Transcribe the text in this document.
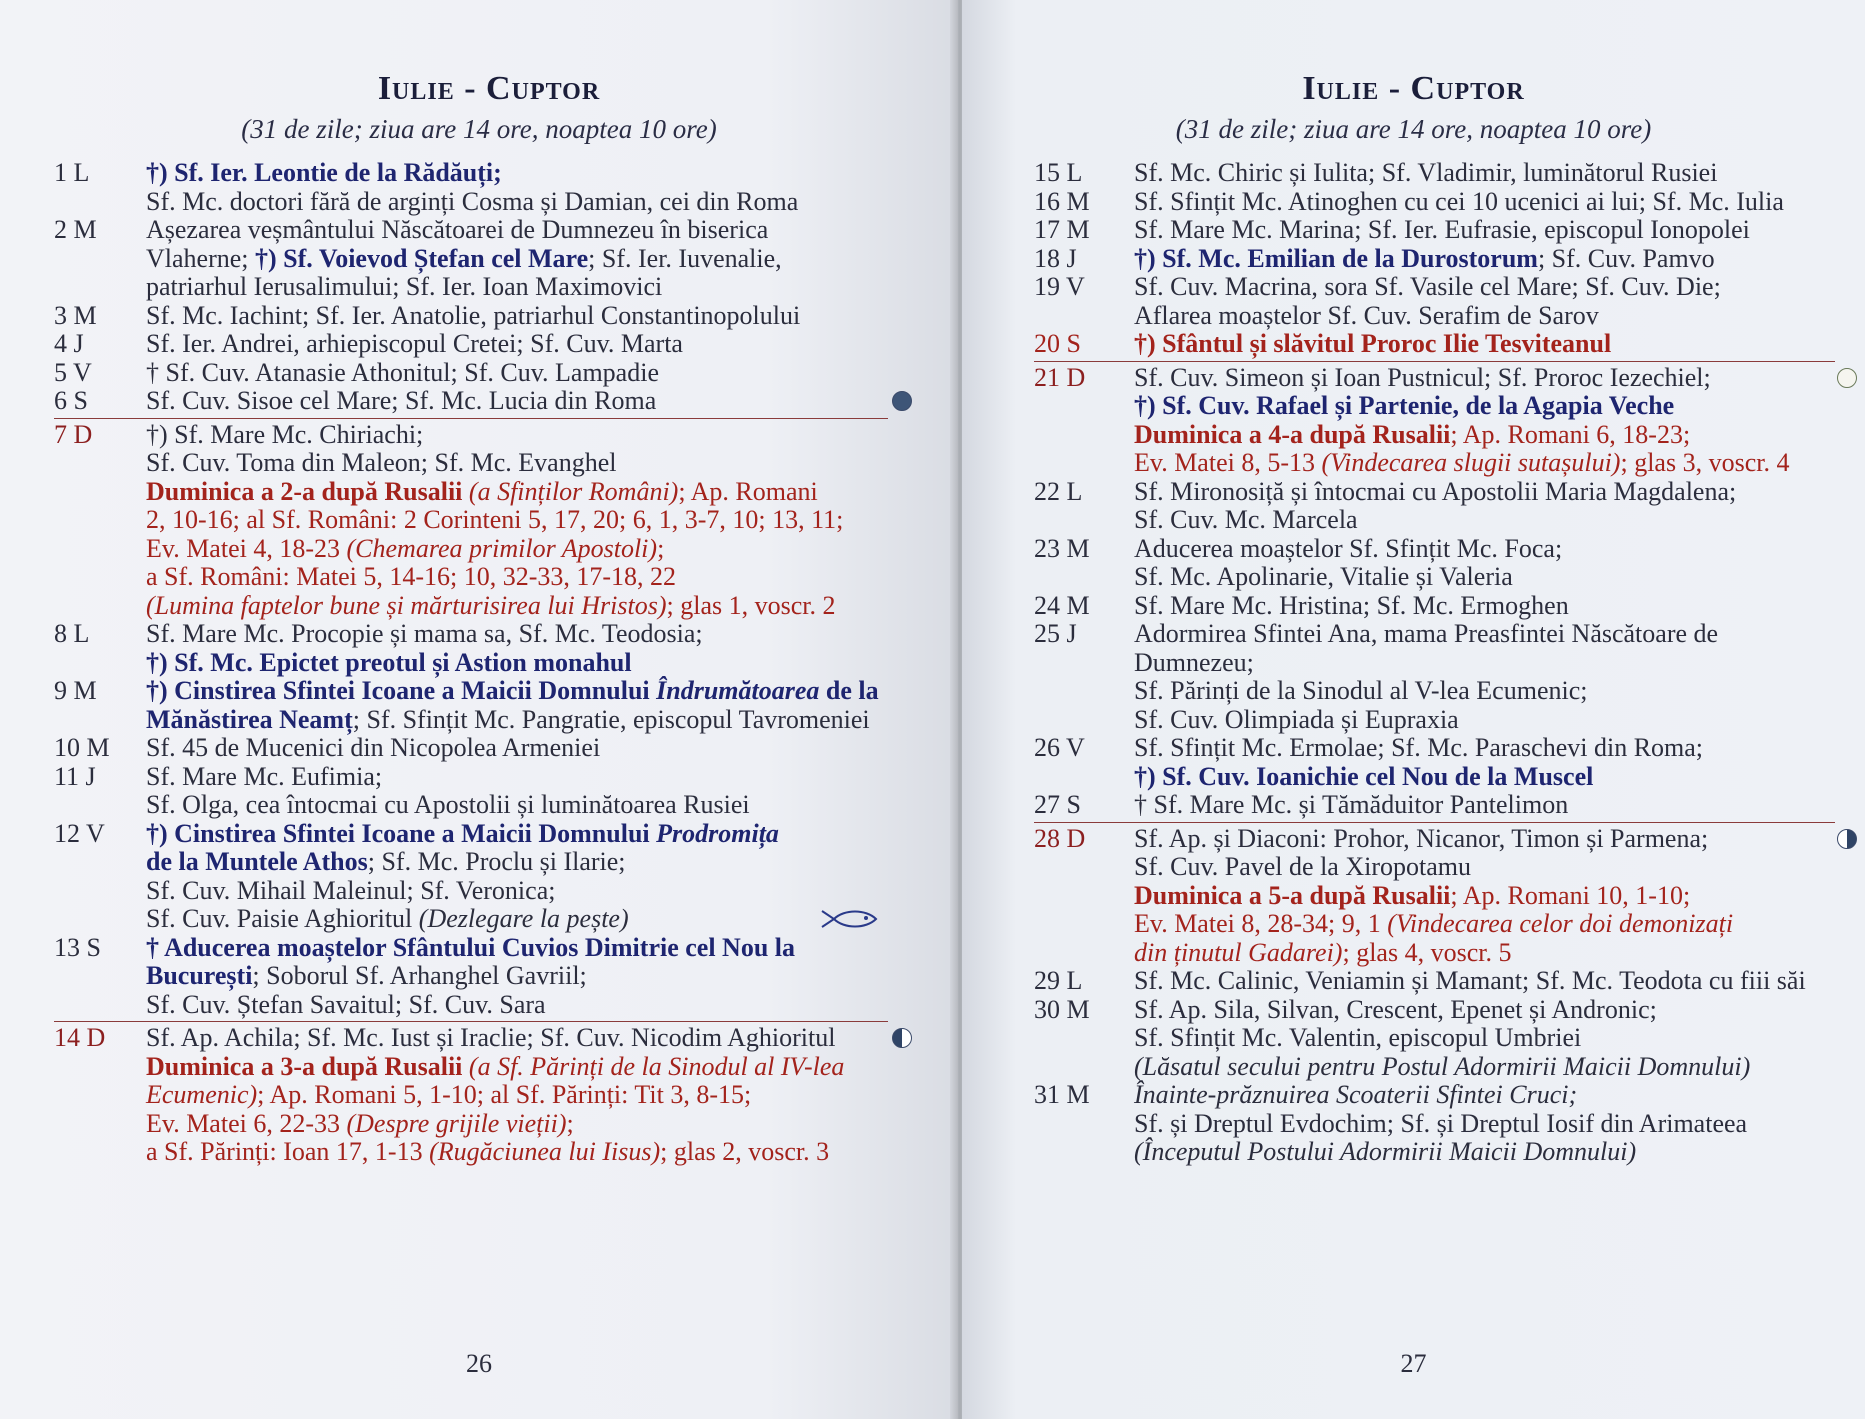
Iulie - Cuptor
(31 de zile; ziua are 14 ore, noaptea 10 ore)
1 L	†) Sf. Ier. Leontie de la Rădăuți;

Sf. Mc. doctori fără de arginți Cosma și Damian, cei din Roma

2 M	Așezarea veșmântului Născătoarei de Dumnezeu în biserica

Vlaherne; †) Sf. Voievod Ștefan cel Mare; Sf. Ier. Iuvenalie,

patriarhul Ierusalimului; Sf. Ier. Ioan Maximovici

3 M	Sf. Mc. Iachint; Sf. Ier. Anatolie, patriarhul Constantinopolului

4 J	Sf. Ier. Andrei, arhiepiscopul Cretei; Sf. Cuv. Marta

5 V	† Sf. Cuv. Atanasie Athonitul; Sf. Cuv. Lampadie

6 S	Sf. Cuv. Sisoe cel Mare; Sf. Mc. Lucia din Roma

7 D	†) Sf. Mare Mc. Chiriachi;

Sf. Cuv. Toma din Maleon; Sf. Mc. Evanghel

Duminica a 2-a după Rusalii (a Sfinților Români); Ap. Romani

2, 10-16; al Sf. Români: 2 Corinteni 5, 17, 20; 6, 1, 3-7, 10; 13, 11;

Ev. Matei 4, 18-23 (Chemarea primilor Apostoli);

a Sf. Români: Matei 5, 14-16; 10, 32-33, 17-18, 22

(Lumina faptelor bune și mărturisirea lui Hristos); glas 1, voscr. 2

8 L	Sf. Mare Mc. Procopie și mama sa, Sf. Mc. Teodosia;

†) Sf. Mc. Epictet preotul și Astion monahul

9 M	†) Cinstirea Sfintei Icoane a Maicii Domnului Îndrumătoarea de la

Mănăstirea Neamț; Sf. Sfințit Mc. Pangratie, episcopul Tavromeniei

10 M	Sf. 45 de Mucenici din Nicopolea Armeniei

11 J	Sf. Mare Mc. Eufimia;

Sf. Olga, cea întocmai cu Apostolii și luminătoarea Rusiei

12 V	†) Cinstirea Sfintei Icoane a Maicii Domnului Prodromița

de la Muntele Athos; Sf. Mc. Proclu și Ilarie;

Sf. Cuv. Mihail Maleinul; Sf. Veronica;

Sf. Cuv. Paisie Aghioritul (Dezlegare la pește)

13 S	† Aducerea moaștelor Sfântului Cuvios Dimitrie cel Nou la

București; Soborul Sf. Arhanghel Gavriil;

Sf. Cuv. Ștefan Savaitul; Sf. Cuv. Sara

14 D	Sf. Ap. Achila; Sf. Mc. Iust și Iraclie; Sf. Cuv. Nicodim Aghioritul

Duminica a 3-a după Rusalii (a Sf. Părinți de la Sinodul al IV-lea

Ecumenic); Ap. Romani 5, 1-10; al Sf. Părinți: Tit 3, 8-15;

Ev. Matei 6, 22-33 (Despre grijile vieții);

a Sf. Părinți: Ioan 17, 1-13 (Rugăciunea lui Iisus); glas 2, voscr. 3

26
Iulie - Cuptor
(31 de zile; ziua are 14 ore, noaptea 10 ore)
15 L	Sf. Mc. Chiric și Iulita; Sf. Vladimir, luminătorul Rusiei

16 M	Sf. Sfințit Mc. Atinoghen cu cei 10 ucenici ai lui; Sf. Mc. Iulia

17 M	Sf. Mare Mc. Marina; Sf. Ier. Eufrasie, episcopul Ionopolei

18 J	†) Sf. Mc. Emilian de la Durostorum; Sf. Cuv. Pamvo

19 V	Sf. Cuv. Macrina, sora Sf. Vasile cel Mare; Sf. Cuv. Die;

Aflarea moaștelor Sf. Cuv. Serafim de Sarov

20 S	†) Sfântul și slăvitul Proroc Ilie Tesviteanul

21 D	Sf. Cuv. Simeon și Ioan Pustnicul; Sf. Proroc Iezechiel;

†) Sf. Cuv. Rafael și Partenie, de la Agapia Veche

Duminica a 4-a după Rusalii; Ap. Romani 6, 18-23;

Ev. Matei 8, 5-13 (Vindecarea slugii sutașului); glas 3, voscr. 4

22 L	Sf. Mironosiță și întocmai cu Apostolii Maria Magdalena;

Sf. Cuv. Mc. Marcela

23 M	Aducerea moaștelor Sf. Sfințit Mc. Foca;

Sf. Mc. Apolinarie, Vitalie și Valeria

24 M	Sf. Mare Mc. Hristina; Sf. Mc. Ermoghen

25 J	Adormirea Sfintei Ana, mama Preasfintei Născătoare de Dumnezeu;

Sf. Părinți de la Sinodul al V-lea Ecumenic;

Sf. Cuv. Olimpiada și Eupraxia

26 V	Sf. Sfințit Mc. Ermolae; Sf. Mc. Paraschevi din Roma;

†) Sf. Cuv. Ioanichie cel Nou de la Muscel

27 S	† Sf. Mare Mc. și Tămăduitor Pantelimon

28 D	Sf. Ap. și Diaconi: Prohor, Nicanor, Timon și Parmena;

Sf. Cuv. Pavel de la Xiropotamu

Duminica a 5-a după Rusalii; Ap. Romani 10, 1-10;

Ev. Matei 8, 28-34; 9, 1 (Vindecarea celor doi demonizați

din ținutul Gadarei); glas 4, voscr. 5

29 L	Sf. Mc. Calinic, Veniamin și Mamant; Sf. Mc. Teodota cu fiii săi

30 M	Sf. Ap. Sila, Silvan, Crescent, Epenet și Andronic;

Sf. Sfințit Mc. Valentin, episcopul Umbriei

(Lăsatul secului pentru Postul Adormirii Maicii Domnului)

31 M	Înainte-prăznuirea Scoaterii Sfintei Cruci;

Sf. și Dreptul Evdochim; Sf. și Dreptul Iosif din Arimateea

(Începutul Postului Adormirii Maicii Domnului)

27
